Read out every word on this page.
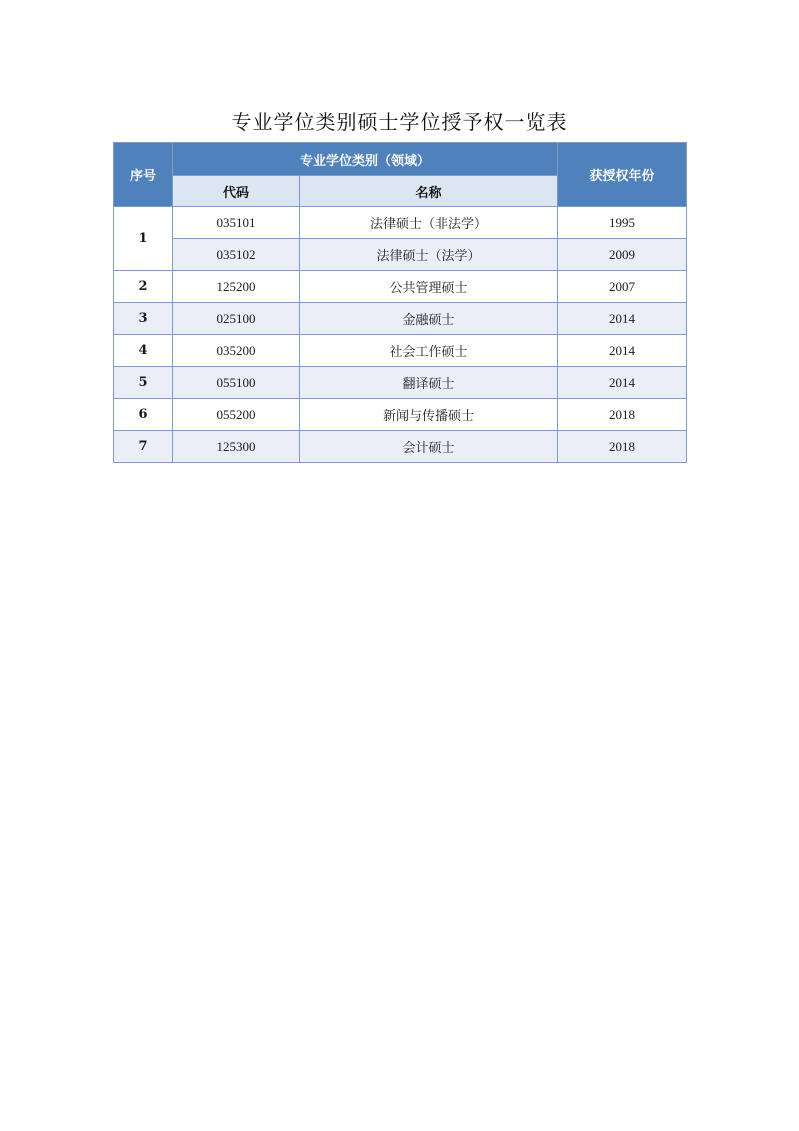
专业学位类别硕士学位授予权一览表
序号	专业学位类别（领域）		获授权年份
	代码	名称	
1	035101	法律硕士（非法学）	1995
	035102	法律硕士（法学）	2009
2	125200	公共管理硕士	2007
3	025100	金融硕士	2014
4	035200	社会工作硕士	2014
5	055100	翻译硕士	2014
6	055200	新闻与传播硕士	2018
7	125300	会计硕士	2018
